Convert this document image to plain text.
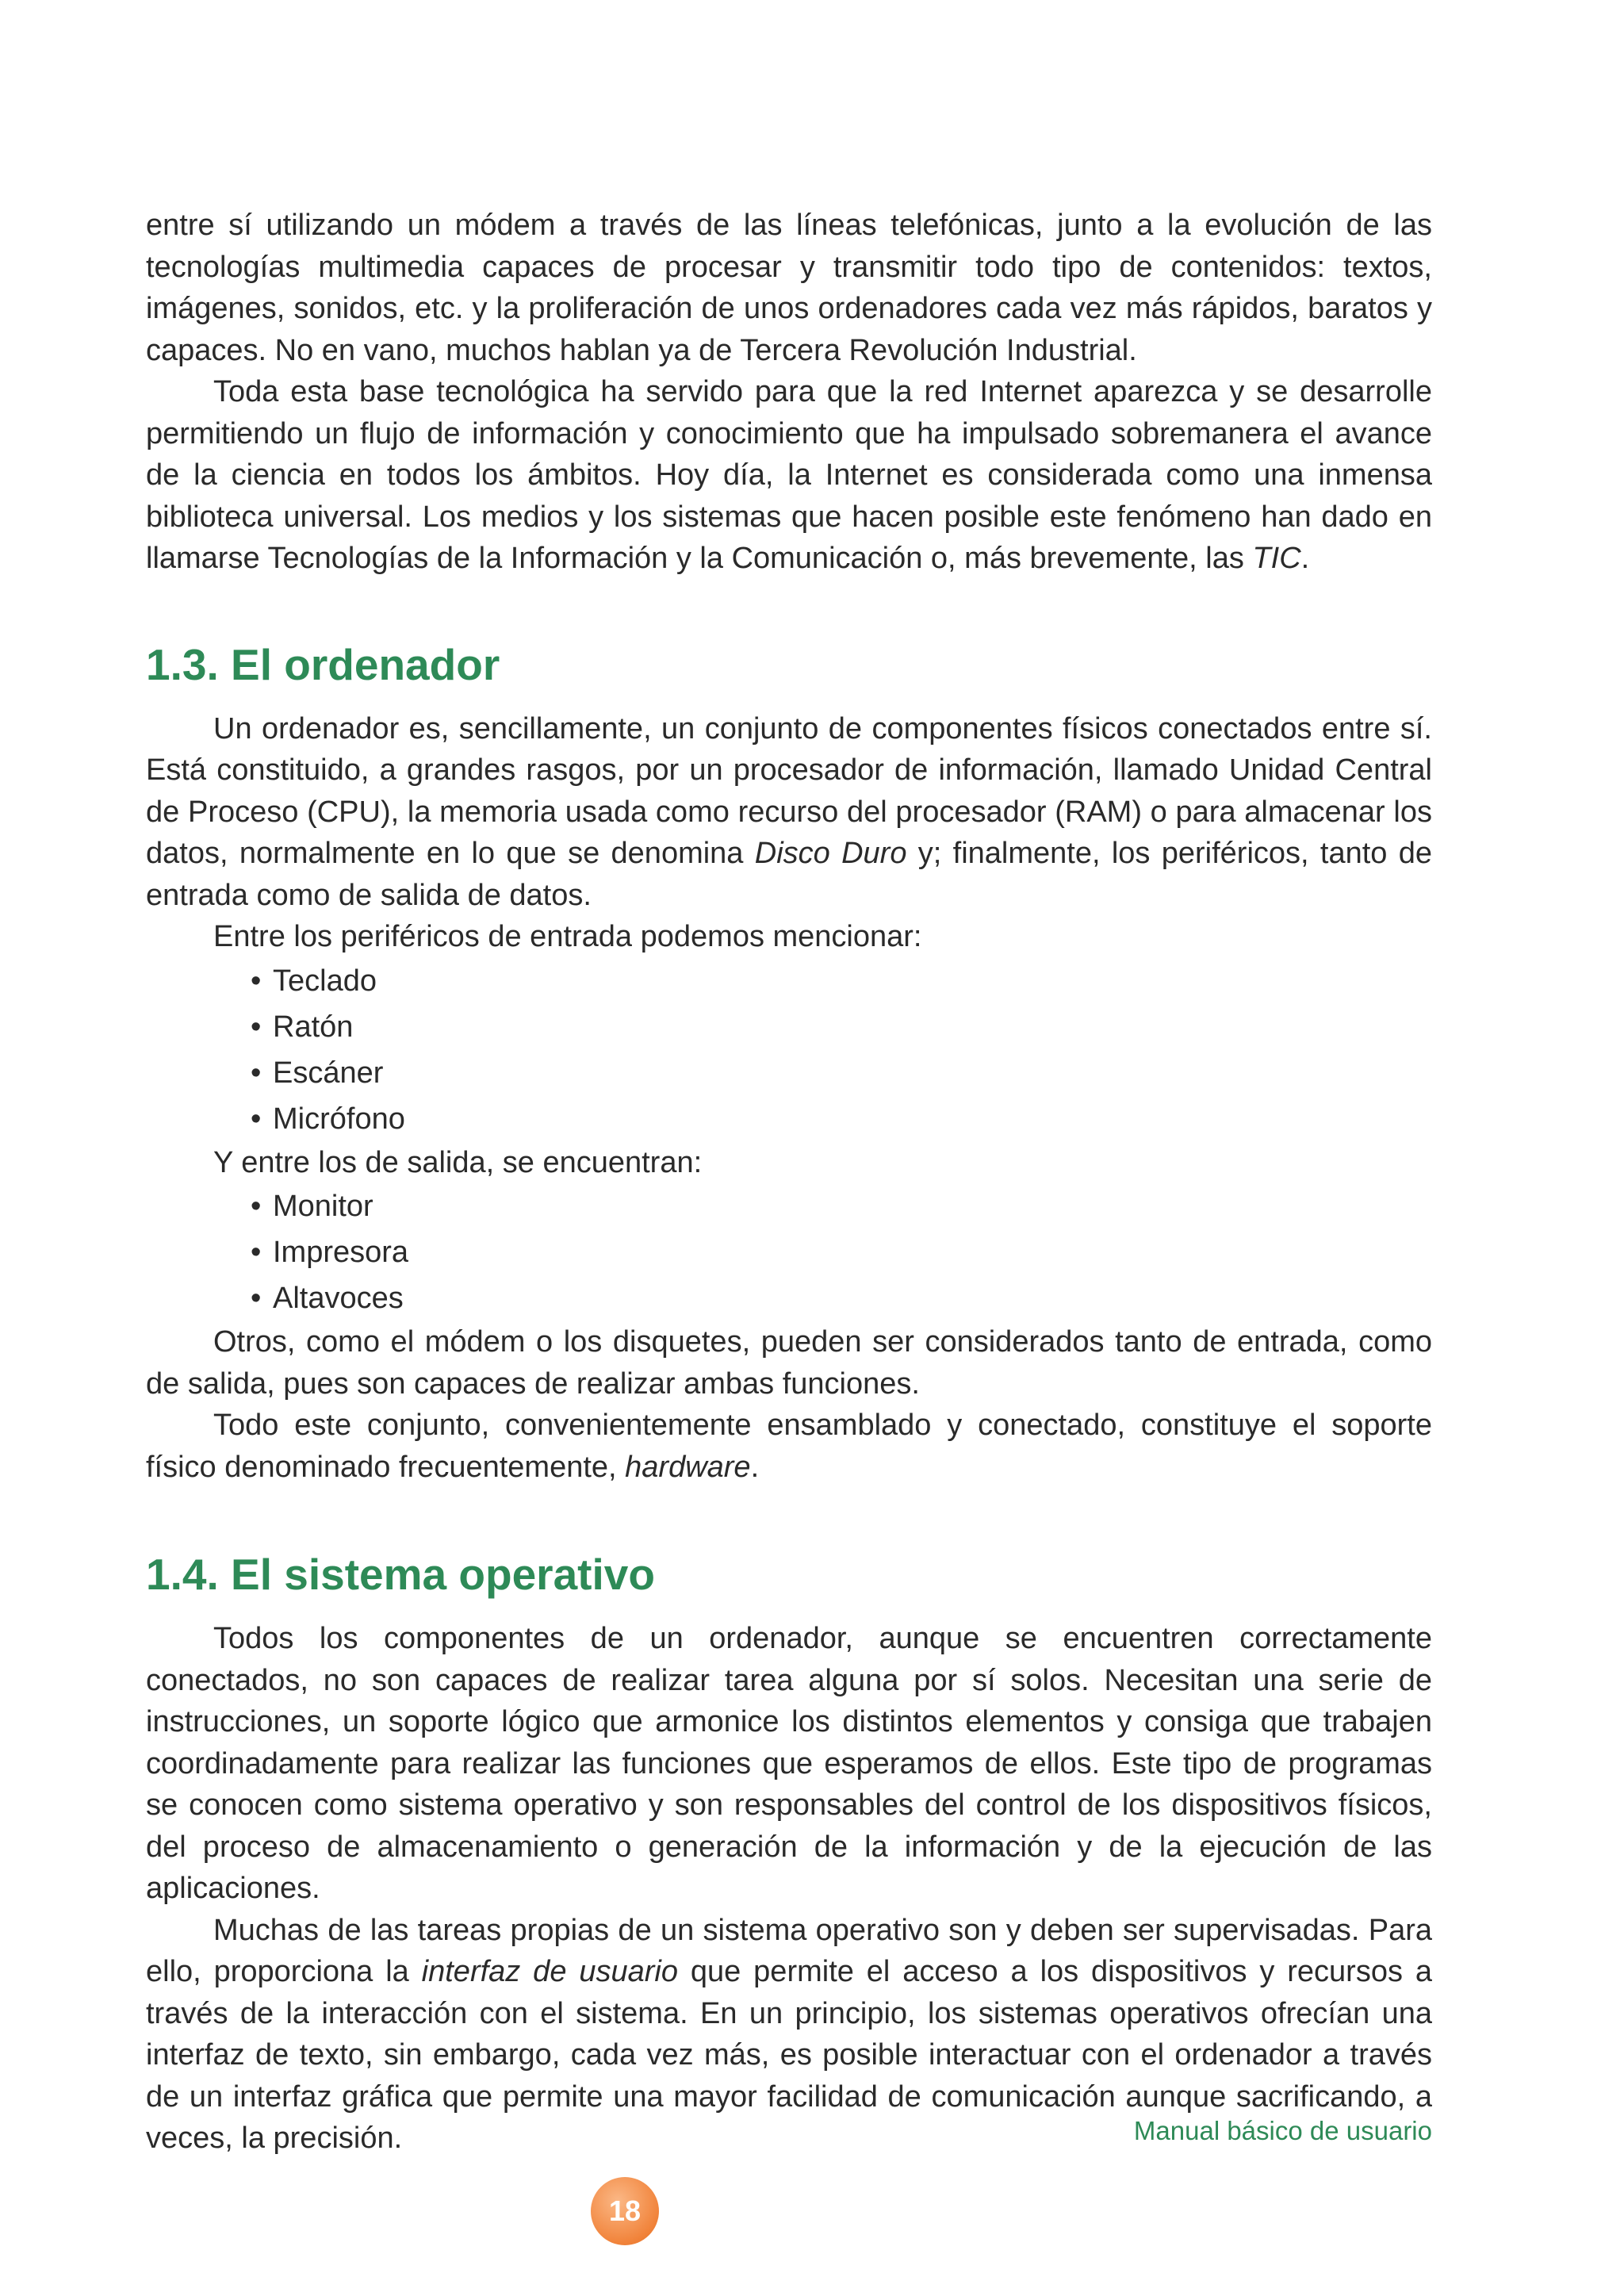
entre sí utilizando un módem a través de las líneas telefónicas, junto a la evolución de las tecnologías multimedia capaces de procesar y transmitir todo tipo de contenidos: textos, imágenes, sonidos, etc. y la proliferación de unos ordenadores cada vez más rápidos, baratos y capaces. No en vano, muchos hablan ya de Tercera Revolución Industrial.

Toda esta base tecnológica ha servido para que la red Internet aparezca y se desarrolle permitiendo un flujo de información y conocimiento que ha impulsado sobremanera el avance de la ciencia en todos los ámbitos. Hoy día, la Internet es considerada como una inmensa biblioteca universal. Los medios y los sistemas que hacen posible este fenómeno han dado en llamarse Tecnologías de la Información y la Comunicación o, más brevemente, las TIC.

1.3. El ordenador

Un ordenador es, sencillamente, un conjunto de componentes físicos conectados entre sí. Está constituido, a grandes rasgos, por un procesador de información, llamado Unidad Central de Proceso (CPU), la memoria usada como recurso del procesador (RAM) o para almacenar los datos, normalmente en lo que se denomina Disco Duro y; finalmente, los periféricos, tanto de entrada como de salida de datos.

Entre los periféricos de entrada podemos mencionar:

• Teclado
• Ratón
• Escáner
• Micrófono

Y entre los de salida, se encuentran:

• Monitor
• Impresora
• Altavoces

Otros, como el módem o los disquetes, pueden ser considerados tanto de entrada, como de salida, pues son capaces de realizar ambas funciones.

Todo este conjunto, convenientemente ensamblado y conectado, constituye el soporte físico denominado frecuentemente, hardware.

1.4. El sistema operativo

Todos los componentes de un ordenador, aunque se encuentren correctamente conectados, no son capaces de realizar tarea alguna por sí solos. Necesitan una serie de instrucciones, un soporte lógico que armonice los distintos elementos y consiga que trabajen coordinadamente para realizar las funciones que esperamos de ellos. Este tipo de programas se conocen como sistema operativo y son responsables del control de los dispositivos físicos, del proceso de almacenamiento o generación de la información y de la ejecución de las aplicaciones.

Muchas de las tareas propias de un sistema operativo son y deben ser supervisadas. Para ello, proporciona la interfaz de usuario que permite el acceso a los dispositivos y recursos a través de la interacción con el sistema. En un principio, los sistemas operativos ofrecían una interfaz de texto, sin embargo, cada vez más, es posible interactuar con el ordenador a través de un interfaz gráfica que permite una mayor facilidad de comunicación aunque sacrificando, a veces, la precisión.	Manual básico de usuario
18
